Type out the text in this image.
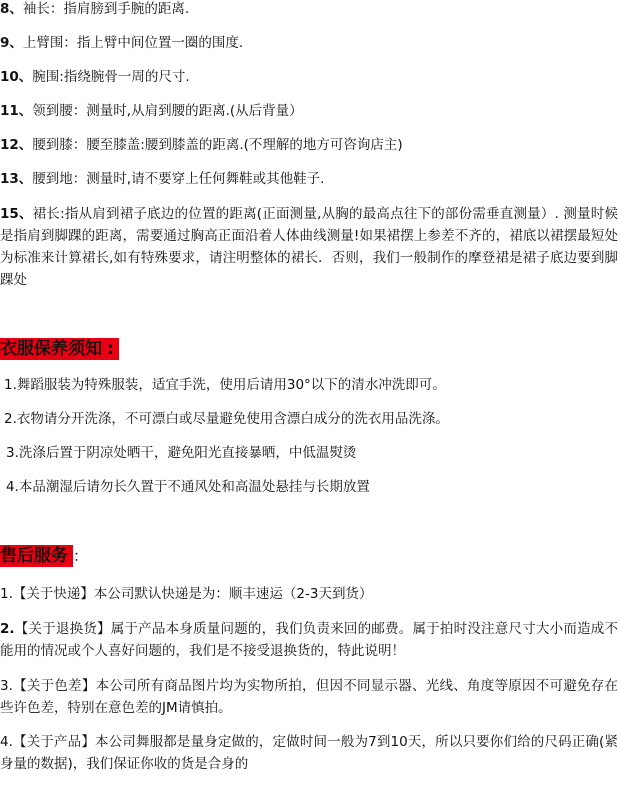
8、袖长：指肩膀到手腕的距离.
9、上臂围：指上臂中间位置一圈的围度.
10、腕围:指绕腕骨一周的尺寸.
11、领到腰：测量时,从肩到腰的距离.(从后背量）
12、腰到膝：腰至膝盖:腰到膝盖的距离.(不理解的地方可咨询店主)
13、腰到地：测量时,请不要穿上任何舞鞋或其他鞋子.
15、裙长:指从肩到裙子底边的位置的距离(正面测量,从胸的最高点往下的部份需垂直测量）. 测量时候是指肩到脚踝的距离，需要通过胸高正面沿着人体曲线测量!如果裙摆上参差不齐的，裙底以裙摆最短处为标准来计算裙长,如有特殊要求，请注明整体的裙长．否则，我们一般制作的摩登裙是裙子底边要到脚踝处
衣服保养须知 :
1.舞蹈服装为特殊服装，适宜手洗，使用后请用30°以下的清水冲洗即可。
2.衣物请分开洗涤，不可漂白或尽量避免使用含漂白成分的洗衣用品洗涤。
3.洗涤后置于阴凉处晒干，避免阳光直接暴晒，中低温熨烫
4.本品潮湿后请勿长久置于不通风处和高温处悬挂与长期放置
售后服务 ：
1.【关于快递】本公司默认快递是为：顺丰速运（2-3天到货）
2.【关于退换货】属于产品本身质量问题的，我们负责来回的邮费。属于拍时没注意尺寸大小而造成不能用的情况或个人喜好问题的，我们是不接受退换货的，特此说明！
3.【关于色差】本公司所有商品图片均为实物所拍，但因不同显示器、光线、角度等原因不可避免存在些许色差，特别在意色差的JM请慎拍。
4.【关于产品】本公司舞服都是量身定做的，定做时间一般为7到10天，所以只要你们给的尺码正确(紧身量的数据)，我们保证你收的货是合身的
